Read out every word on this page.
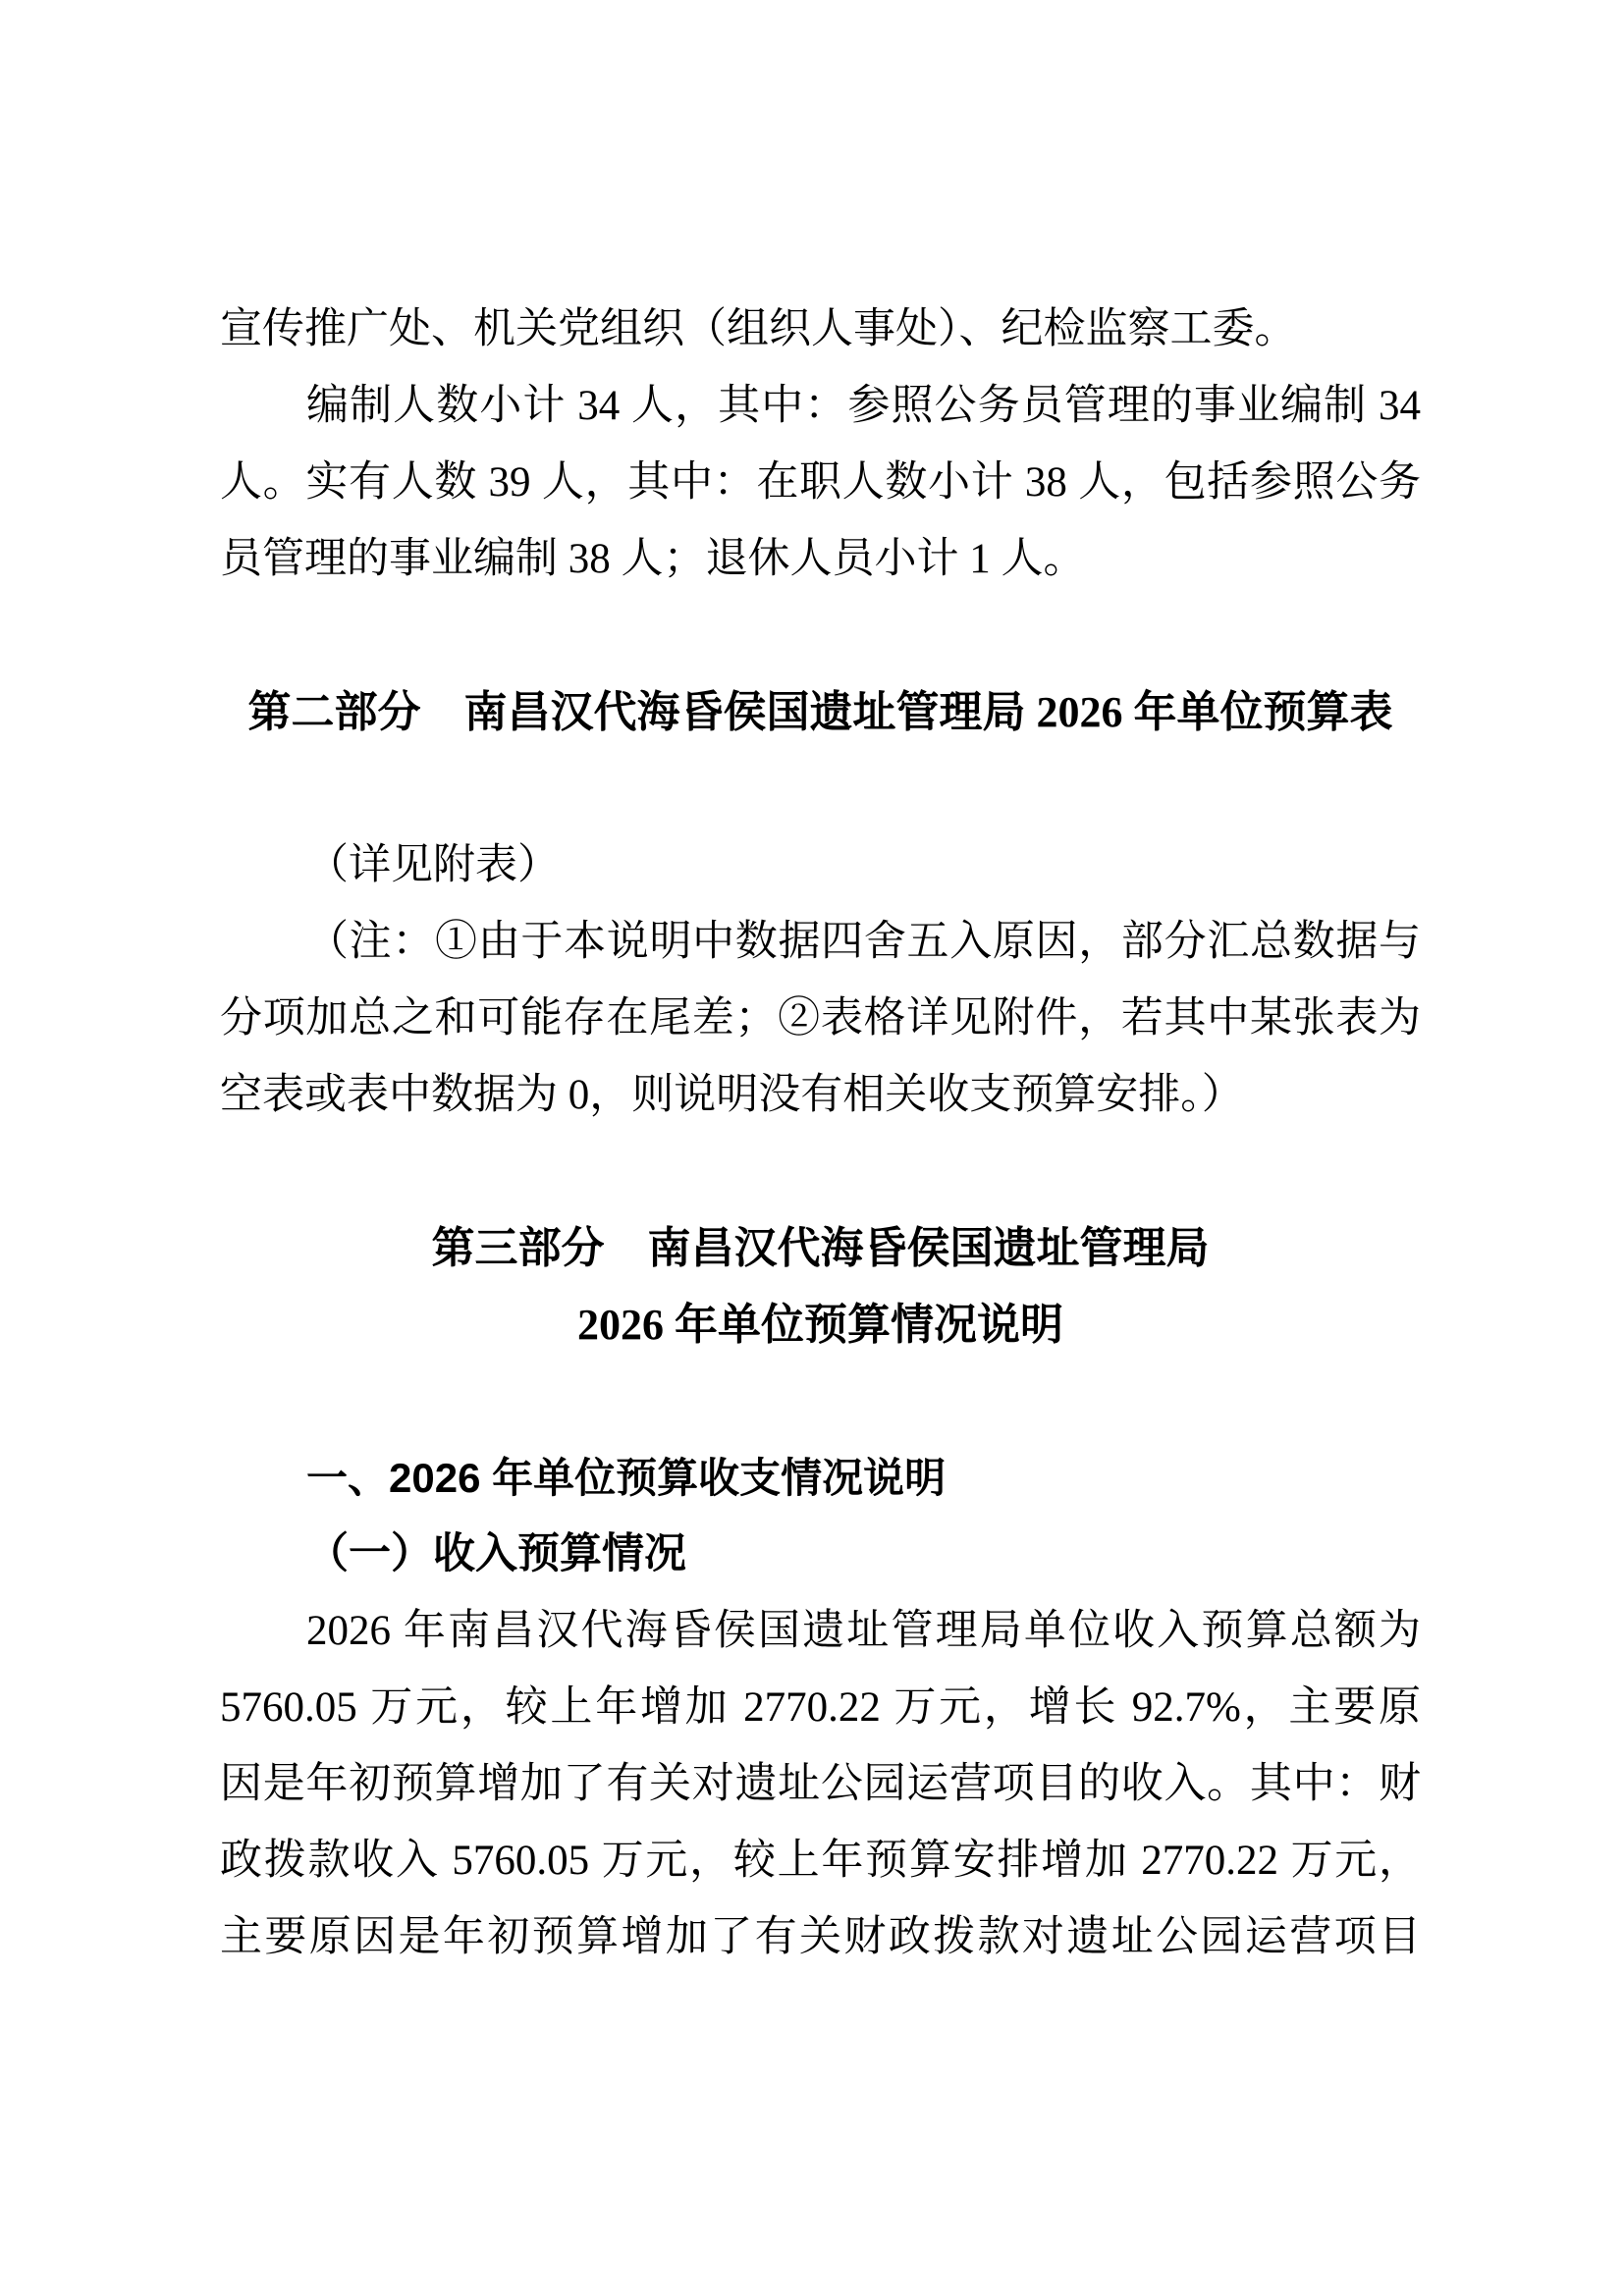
宣传推广处、机关党组织（组织人事处）、纪检监察工委。
编制人数小计 34 人，其中：参照公务员管理的事业编制 34
人。实有人数 39 人，其中：在职人数小计 38 人，包括参照公务
员管理的事业编制 38 人；退休人员小计 1 人。
第二部分　南昌汉代海昏侯国遗址管理局 2026 年单位预算表
（详见附表）
（注：①由于本说明中数据四舍五入原因，部分汇总数据与
分项加总之和可能存在尾差；②表格详见附件，若其中某张表为
空表或表中数据为 0，则说明没有相关收支预算安排。）
第三部分　南昌汉代海昏侯国遗址管理局
2026 年单位预算情况说明
一、2026 年单位预算收支情况说明
（一）收入预算情况
2026 年南昌汉代海昏侯国遗址管理局单位收入预算总额为
5760.05 万元，较上年增加 2770.22 万元，增长 92.7%，主要原
因是年初预算增加了有关对遗址公园运营项目的收入。其中：财
政拨款收入 5760.05 万元，较上年预算安排增加 2770.22 万元，
主要原因是年初预算增加了有关财政拨款对遗址公园运营项目
